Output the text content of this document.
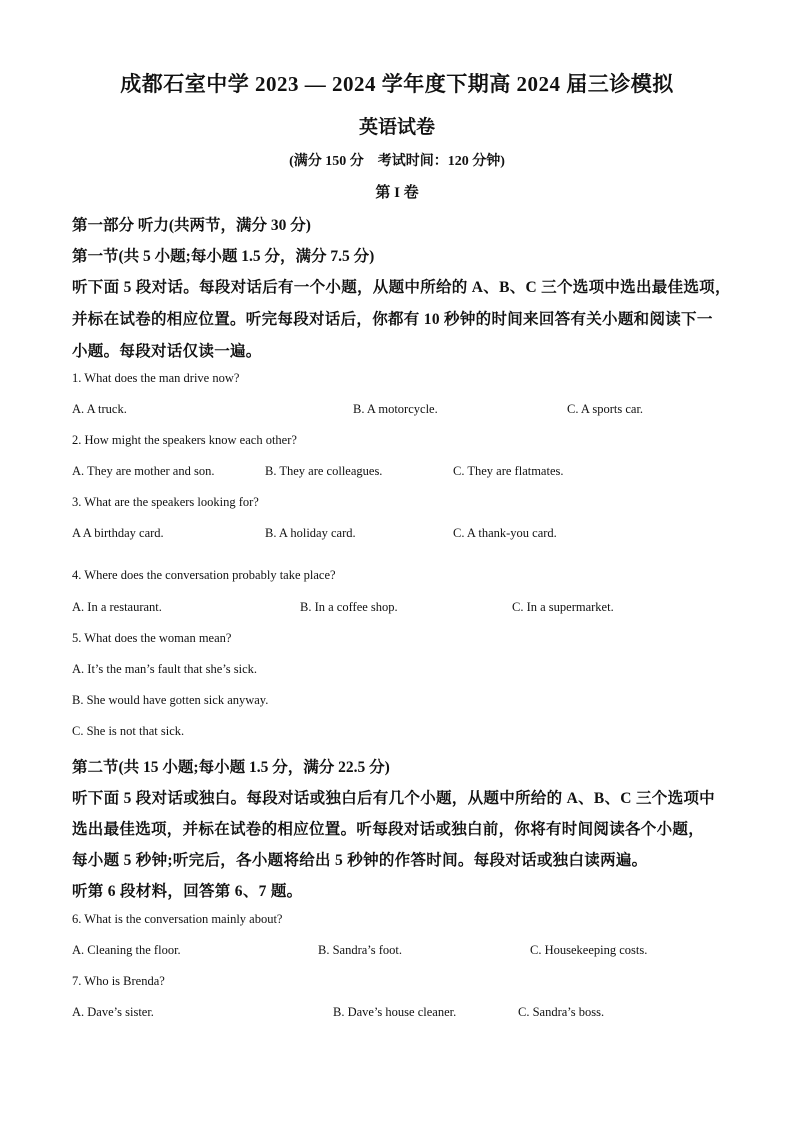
成都石室中学 2023 — 2024 学年度下期高 2024 届三诊模拟
英语试卷
(满分 150 分　考试时间：120 分钟)
第 I 卷
第一部分 听力(共两节，满分 30 分)
第一节(共 5 小题;每小题 1.5 分，满分 7.5 分)
听下面 5 段对话。每段对话后有一个小题，从题中所给的 A、B、C 三个选项中选出最佳选项，
并标在试卷的相应位置。听完每段对话后，你都有 10 秒钟的时间来回答有关小题和阅读下一
小题。每段对话仅读一遍。
1. What does the man drive now?
A. A truck.	B. A motorcycle.	C. A sports car.
2. How might the speakers know each other?
A. They are mother and son.	B. They are colleagues.	C. They are flatmates.
3. What are the speakers looking for?
A A birthday card.	B. A holiday card.	C. A thank-you card.
4. Where does the conversation probably take place?
A. In a restaurant.	B. In a coffee shop.	C. In a supermarket.
5. What does the woman mean?
A. It’s the man’s fault that she’s sick.
B. She would have gotten sick anyway.
C. She is not that sick.
第二节(共 15 小题;每小题 1.5 分，满分 22.5 分)
听下面 5 段对话或独白。每段对话或独白后有几个小题，从题中所给的 A、B、C 三个选项中
选出最佳选项，并标在试卷的相应位置。听每段对话或独白前，你将有时间阅读各个小题，
每小题 5 秒钟;听完后，各小题将给出 5 秒钟的作答时间。每段对话或独白读两遍。
听第 6 段材料，回答第 6、7 题。
6. What is the conversation mainly about?
A. Cleaning the floor.	B. Sandra’s foot.	C. Housekeeping costs.
7. Who is Brenda?
A. Dave’s sister.	B. Dave’s house cleaner.	C. Sandra’s boss.
